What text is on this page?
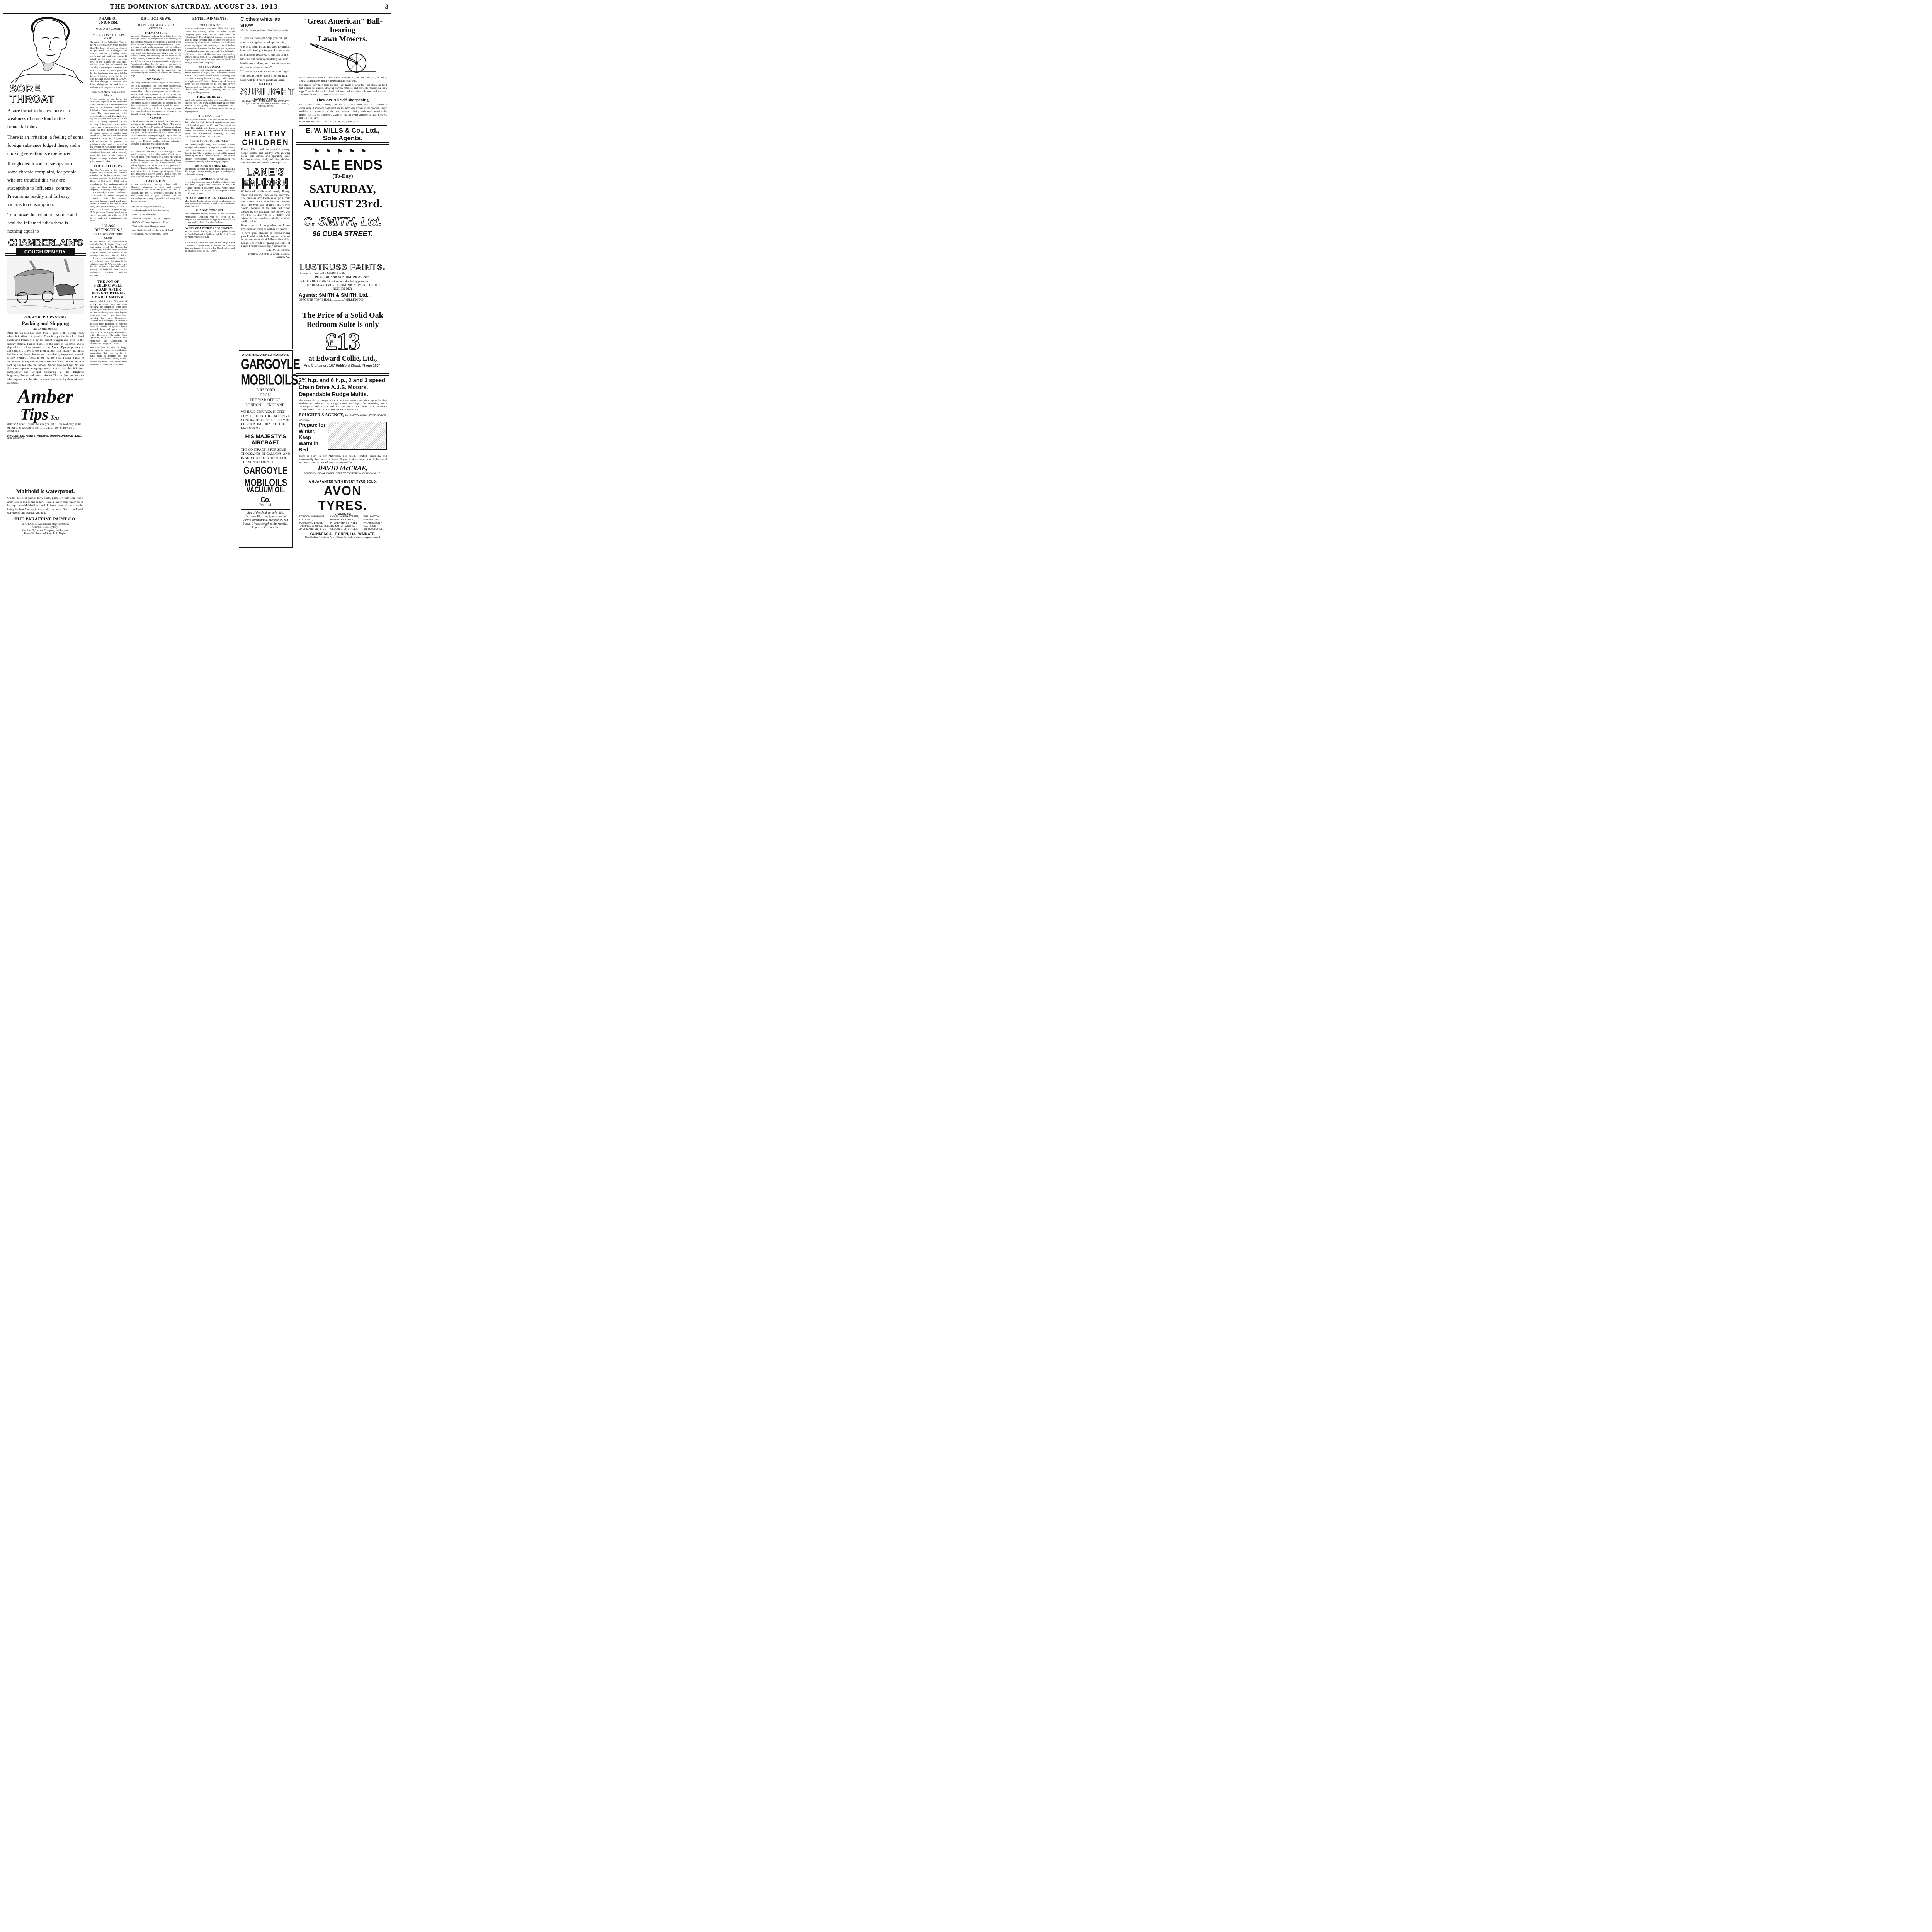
THE DOMINION SATURDAY, AUGUST 23, 1913.	3
SORE THROAT

A sore throat indicates there is a weakness of some kind in the bronchial tubes.

There is an irritation: a feeling of some foreign substance lodged there, and a choking sensation is experienced.

If neglected it soon develops into some chronic complaint, for people who are troubled this way are susceptible to Influenza, contract Pneumonia readily and fall easy victims to consumption.

To remove the irritation, soothe and heal the inflamed tubes there is nothing equal to

CHAMBERLAIN'S
COUGH REMEDY.
THE AMBER TIPS STORY.
Packing and Shipping
READ THE SERIES.

After the tea leaf has been dried it goes to the sorting room where it is sifted into grades. Then it is packed into lead-lined chests and transported by the quaint waggon and oxen to the railway station. Thence it goes to the quay at Colombo and is shipped on its long journey to the Amber Tips proprietary at Christchurch. There is the great Amber Tips factory, the finest leaf from the finest plantations is blended by experts—the result is New Zealand's favourite tea—Amber Tips. Thence it goes to the forwarding department where scores of folks are employed in packing the tea into the famous Amber Tips package. No less than three separate wrappings, encase the tea and thus it is kept damp-proof and air-tight—preserving all the delightful fragrance, flavour and aroma. Amber Tips tea has another rare advantage—it can be taken without discomfort by those of weak digestion.

Amber
Tips Tea
Ask for Amber Tips and be sure you get it. It is sold only in the Amber Tips package at 1/8, 1/10 and 2/- per lb. Beware of imitations.
WHOLESALE AGENTS: MESSRS. THOMPSON BROS., LTD., WELLINGTON.
Malthoid is waterproof.
On the decks of yachts, ferry boats, punts; on bathroom floors and walls; in mines and cellars—in all places where water has to be kept out—Malthoid is used. It has a hundred uses besides being the best Roofing in the world, bar none. Get in touch with our Agents and learn all about it.
THE PARAFFINE PAINT CO.
D. S. EVANS, Australasian Representative,
Quarter House, Sydney.
Goulter, Dykes and Company, Wellington.
Henry Williams and Sons, Ltd., Napier.
PHASE OF UNIONISM.
MEMO. BY COURT.
INCIDENT IN SADDLERS' CASE.

The award of the Arbitration Court in the Wellington saddlery trade has been filed. The hours of work are fixed at 48 per week. In Wellington and adjacent suburbs (including Petone and Lower Hutt) work is to cease at 12 o'clock on Saturdays, and in other parts of the district the local half-holiday may be substituted for Saturday in this respect. Overtime is to be at the rate of time and a quarter for the first four hours, time and a half for the two following hours; double time after that, and double time on Sundays. The last through a worker's own default during any one week is to be made up before any overtime is paid.

Important Matter and Court's Memo.

At the hearing of the dispute the employers objected to the preference clause contained in a recommendation from the Conciliation Council, and the Arbitration Court substituted another clause. The clause contained in the recommendation made it obligatory on any non-unionist employed to join the union on being requested by the secretary of the union to do so. Such a clause, ran a memorandum to the award, has been inserted in a number of awards where the parties have agreed to it, but the Court has never imposed it in an award against the wish of any of the parties. The question whether such a clause does not amount to something more than preference to unionists may have to be considered hereafter, and it certainly would be wise for the parties to disputes to adopt a clause which is quite unobjectionable.

THE BUTCHERS.

The Court's award in the butchers' dispute, now, is filed. The schedule provides that the hours of work shall be those provided for butchers in the Shops and Offices Act, 1908, and its amendments. The minimum rates of wages are fixed as follows—First shopman, £4 a week; second shopman, £3 10s. a week; first small goods man, £4 a week; all others engaged in connection with the business, including shopmen, small goods men, carters in charge of hawking or order carts, and general hands, £3 10s. a week. Youths under 16 years of age, £1 5s. per week. Females employed as cashiers are to be paid at the rate of £1 5s. per week, with a minimum of six hours.

"CLASS DISTINCTION."
GARRISON OFFICERS' CLUB.

In the House of Representatives yesterday, Mr. J. Payne (Grey Lynn) gave notice to ask the Minister for Defence: (1) Whether steps are being taken to compel the officers of the Wellington Garrison Officers' Club to conform to orders issued in connection with existing class distinction in the cadet services; (2) Whether it is a fact that the officers of this club hold a meeting and basketball match on the Wellington Garrison officers' premises.

THE JOY OF FEELING WELL AGAIN AFTER BEING TORTURED BY RHEUMATISM.

Imagine what it is like! The relief of feeling no more pain, no more suffering, the comfort of sound sleep at nights, the new hopes, new outlook on life! This happy state is not beyond attainment even if you have been suffering for years. Rheumatine-Oxygene will accomplish it, and do it in quick time. Hundreds of hopeless cases in schools of grateful letters received from all parts of the Dominion. To cure your Rheumatism, write Dominion Rheumatic Cure Syndicate, St. Kilda, Dunedin, Sole Proprietors and Distributors of Rheumatine-Oxygene.—Advt.

You may hear all sorts of things; nothing is so cheap as unauthorised information. But keep this fact in mind: there is nothing else like NAZOL for influenza, colds, catarrh, or even hay fever. Nazol checks them as soon as it is used. 1s. 6d.—Advt.

DISTRICT NEWS.
JOTTINGS FROM PROVINCIAL CENTRES.
PALMERSTON.

Inspector Marsack, replying to a letter from the Borough Council as to regulating motor traffic, said that the smallness and muddiness of a number of the plates on cars often prevented identification. He did not have a sufficiently numerous staff to station a man always at the head of Rangitikei Street. The town clerk said that after providing a man for the railway station, and providing for the needs of the police station, it seemed that only one policeman was left for the town. It was resolved to apply to the Department asking that the local police force be strengthened. Councillor Armstrong, who shortly proceeds on a health trip to Australia, was entertained by the council and officials on Thursday night.

WANGANUI.

The dairy industry progress apace in this district, and it is announced that two more co-operative factories will be in operation during the coming season. One of the new companies has already been incorporated, with quarters at Okoia, about five miles from Wanganui. In a scattered district like this the attendance at the fortnightly or weekly drills sometimes causes inconvenience to Territorials, and their employers in country districts, and the question of declaring outlying units to be country companies was considered at a conference of officers of the Seventh Infantry Regiment last evening.

NAPIER.

A local statistician has discovered that there are 23 land agents in Hastings and 21 in Napier. The annual report of the Napier Chamber of Commerce shows the membership to be 120, as compared with 103 last year. The balance-sheet shows a credit of £23 5s. 6d. Statistics accompanying the report show an increase of 16,205 sheep in Hawke's Bay during the past year. Thirteen youths, military defaulters, appeared at Hastings Magistrate's Court.

MASTERTON.

An interesting case under the Licensing Act was heard yesterday in the Magistrate's Court, when William Ingle, who resides on a farm just outside the No-License area, was charged with selling liquor without a license. He was further charged with selling liquor to a Native within the proclaimed district of Rongokokako. The evidence for the police went in the direction of showing that a party of three men, including a Native, went to Ingle's farm, and were supplied with liquor, for which they paid.

CARTERTON.

At the Presbyterian Sunday School Hall on Thursday afternoon a vocal and musical performance was given by pupils of Mrs. K. Jackson, the Rev. A. Thompson assisting in one item. There was a good audience, and the proceedings were very enjoyable, following being the programme.

He was feeling like to choke it,
For he thought he'd kick the bucket;
It was pitiful to hear him
When he coughed, coughed, coughed;
But Woods' Great Peppermint Cure,
That world-famed lung-powerer,
Just plucked him from the jaws of Death!

He's thankful, you may be sure.—Advt.

ENTERTAINMENTS.
"MILESTONES."

Another enthusiastic audience filled the Opera House last evening, when the Julius Knight Company gave their second performance of "Milestones." This delightful comedy promises to hold the stage for some time to come, and should be witnessed by all to whom a brilliant play well-acted makes any appeal. The company is one of the best all-round combinations that has been got together in Australasia for some time past, and New Zealanders will receive the wish that has been expressed by Sydney that Messrs. J. C. Williamson will keep it together to hold the place once occupied by the old Brough-Boucicault Company.

BELLA DONNA.

It is announced that owing to the season being for a limited number of nights, that "Milestones" cannot possibly be played beyond Tuesday evening next. On Friday evening the new comedy, "Bella Donna," an adaptation of Robert Hichen's novel of the same name, will be produced for the first time in New Zealand, and on Saturday, September 6, Bernard Shaw's play, "Man and Superman," new to this country, will be presented.

THEATRE ROYAL.

Vaudeville habitues are being well catered for at the Theatre Royal this week, and last night a good house testified to the quality of the programme. Next Monday new acts are billed to appear for the change of programme.

"THE SMART SET."

That popular combination of entertainers, the "Smart Set," who by their talented entertainments have contributed to push the Concert Chamber of the Town Hall nightly with lovers of the bright clean, refined, and original in fun, performed last evening under the distinguished patronage of their Excellencies Lord and Lady Liverpool.

"WITH SCOTT TO THE POLE."

For Monday night next, His Majesty's Theatre management announce by separate advertisement a "star" attraction in "Antarctic Heroes," or "With Scott to the Pole," a picture of great public interest, filmed by Mr. H. G. Ponting, F.R.G.S., the eminent English photographer who accompanied the expedition officially as kinematograph expert.

THE KING'S THEATRE.

The present selection of photo-plays are showing at the King's Theatre would, to put it colloquially, "take some beating."

THE EMPRESS THEATRE.

How a tiny infant prevents a deadly conflict between two men is graphically portrayed in the A.B. "feature" drama, "The Enemy's Baby," which figures in the present programme of the Empress Theatre continuous pictures.

MISS MARIE MOTTO'S RECITAL.

Miss Marie Motto, whose recital is advertised for next Wednesday evening, is said to be a performer of the first rank.

SUNDAY CONCERT.

The fortnightly Sunday concert of the Wellington Professional Orchestra will be given in His Majesty's Theatre tomorrow night at 8.30, under the conductorship of Mr. Christian Hellemann.

WEST COASTERS' ASSOCIATION.

Mr. Grinwood, of Ross, will deliver a public lecture on South Westland at Spiller's Hall, Boulcott Street, on Monday next at 8 p.m.

A bad cold is one of the worst of bad things. It may cost much money to cure; but it costs much more in time and impaired comfort. Try Nazol and be well rid of a cold soon. 1s. 6d.—Advt.

Clothes white as snow
Mrs. M. Wrem, of Annandale, Sydney, writes:—
"If you use 'Sunlight Soap' you can get your washing done much quicker. My way is to soak the clothes well for half an hour with Sunlight Soap and warm water, no boiling is required. At the end of this time the dirt comes completely out with hardly any rubbing, and the clothes when dry are as white as snow."
"If you have a cut or sore on your finger you needn't bother about it for Sunlight Soap will do it more good than harm."
GOOD
SUNLIGHT
LAUNDRY SOAP
GUARANTEED UNDER THE "PURE FOOD ACT, 1908, N.S.W." BY LEVER BROTHERS LIMITED, SYDNEY, N.S.W.
HEALTHY
CHILDREN
Every child could be graceful, strong, happy hearted and healthy, with glowing color, soft curves and sparkling eyes. Mothers of weak, sickly and ailing children will find their best friend and support in
LANE'S
EMULSION
With the help of this grand remedy all long, throat and wasting diseases are overcome. The dullness and tiredness of your child will vanish like mist before the morning sun. The eyes will brighten and cheeks bloom, because of the rich, red blood created by the Emulsion, the hollows will be filled in, and you as a mother, will rejoice in the excellence of this vitalized medicine food.
Here is proof of the goodness of Lane's Emulsion for young as well as old people.
"I have great pleasure in recommending your Emulsion. My little boy was suffering from a severe attack of Inflammation of the Lungs. The result of giving one bottle of Lane's Emulsion was simply marvellous."
L. F. HAYES, Oamaru.
Prepared only by E. G. LANE, Chemist, Oamaru, N.Z.
A DISTINGUISHED HONOUR.
GARGOYLE MOBILOILS.
A RECORD
FROM
THE WAR OFFICE,
LONDON ... ENGLAND.
WE HAVE SECURED, IN OPEN COMPETITION, THE EXCLUSIVE CONTRACT FOR THE SUPPLY OF LUBRICATING OILS FOR THE ENGINES OF
HIS MAJESTY'S AIRCRAFT.
THE CONTRACT IS FOR SOME THOUSANDS OF GALLONS, AND IS ADDITIONAL EVIDENCE OF THE SUPERIORITY OF
GARGOYLE MOBILOILS
VACUUM OIL Co.
Pty., Ltd.
Any of the children pale, thin, delicate? We strongly recommend Ayer's Sarsaparilla. Makes rich, red blood. Gives strength to the muscles. Improves the appetite.
"Great American" Ball-bearing
Lawn Mowers.
These are the mowers that never need sharpening, run like a bicycle, are light, strong, and durable, and are the best machines to buy.
The blades—of which there are five—are made of Crucible Tool Steel, the kind that is used for chisels, drawing knives, hatchets, and all tools requiring a keen edge. These blades are first hardened in oil and are afterwards tempered in water. A leading feature of these machines is that
They Are All Self-sharpening.
This is due to the stationary knife being so constructed, that, as it gradually wears away, it sharpens both itself and the revolving knives in the process. Every machine is constructed of the best material. Having their own foundry the makers can and do produce a grade of casting better adapted to lawn mowers than they can buy.
Made in three sizes—10in., 70/-; 17in., 75/-; 19in., 80/-.
E. W. MILLS & Co., Ltd., Sole Agents.
⚑⚑⚑⚑⚑
SALE ENDS
(To-Day)
SATURDAY,
AUGUST 23rd.
C. SMITH, Ltd.
96 CUBA STREET.
LUSTRUSS PAINTS.
(Ready for Use). ARE MADE FROM
PURE OIL AND GENUINE PIGMENTS.
Packed in 1lb. to 14lb. Tins. Colours absolutely permanent.
THE BEST AND MOST ECONOMICAL PAINT FOR THE RUNHOLDER.
Agents: SMITH & SMITH, Ltd.,
OPPOSITE TOWN HALL .............. WELLINGTON.
The Price of a Solid Oak
Bedroom Suite is only
£13
at Edward Collie, Ltd.,
Arts Craftsmen, 167 Riddiford Street. Phone 1634.
2¾ h.p. and 6 h.p., 2 and 3 speed Chain Drive A.J.S. Motors, Dependable Rudge Multis.
The famous 2¾ light-weight A.J.S. is the finest Mount made; the 6 h.p. is the Ideal Machine for Side-car. The Rudge proved itself again for Reliability, Petrol Consumption, Hill Climb, and the Comfort to the Rider. ALL REPAIRS GUARANTEED. ALL ACCESSORIES KEPT IN STOCK.
BOUGHER'S AGENCY, 74 LAMBTON QUAY, FREE MOTOR GARAGE.
Prepare for Winter. Keep Warm in Bed.
There is body in our Mattresses. For health, comfort, durability, and workmanship they cannot be beaten. If your furniture does not stock them send us a postal card and we will see you are cared for.
DAVID McCRAE,
WAREHOUSE—4, FARISH STREET. FACTORY—JOHNSONVILLE.
A GUARANTEE WITH EVERY TYRE SOLD.
AVON TYRES.
STOCKISTS:
STANTON AND EVANS,	MOLESWORTH STREET,	WELLINGTON.
S. H. BAIRD,	BANNISTER STREET,	MASTERTON.
YOUNG AND BAILEY,	FITZHERBERT STREET,	PALMERSTON N.
HASTINGS ENGINEERING AND MOTOR WORKS,		HASTINGS.
MALING AND CO., LTD.,	GLOUCESTER STREET,	CHRISTCHURCH.
GUINNESS & LE CREN, Ltd., WAIMATE,
New Zealand Agents for Avon Rubber Co., Ltd., Melksham. Agents wanted.
